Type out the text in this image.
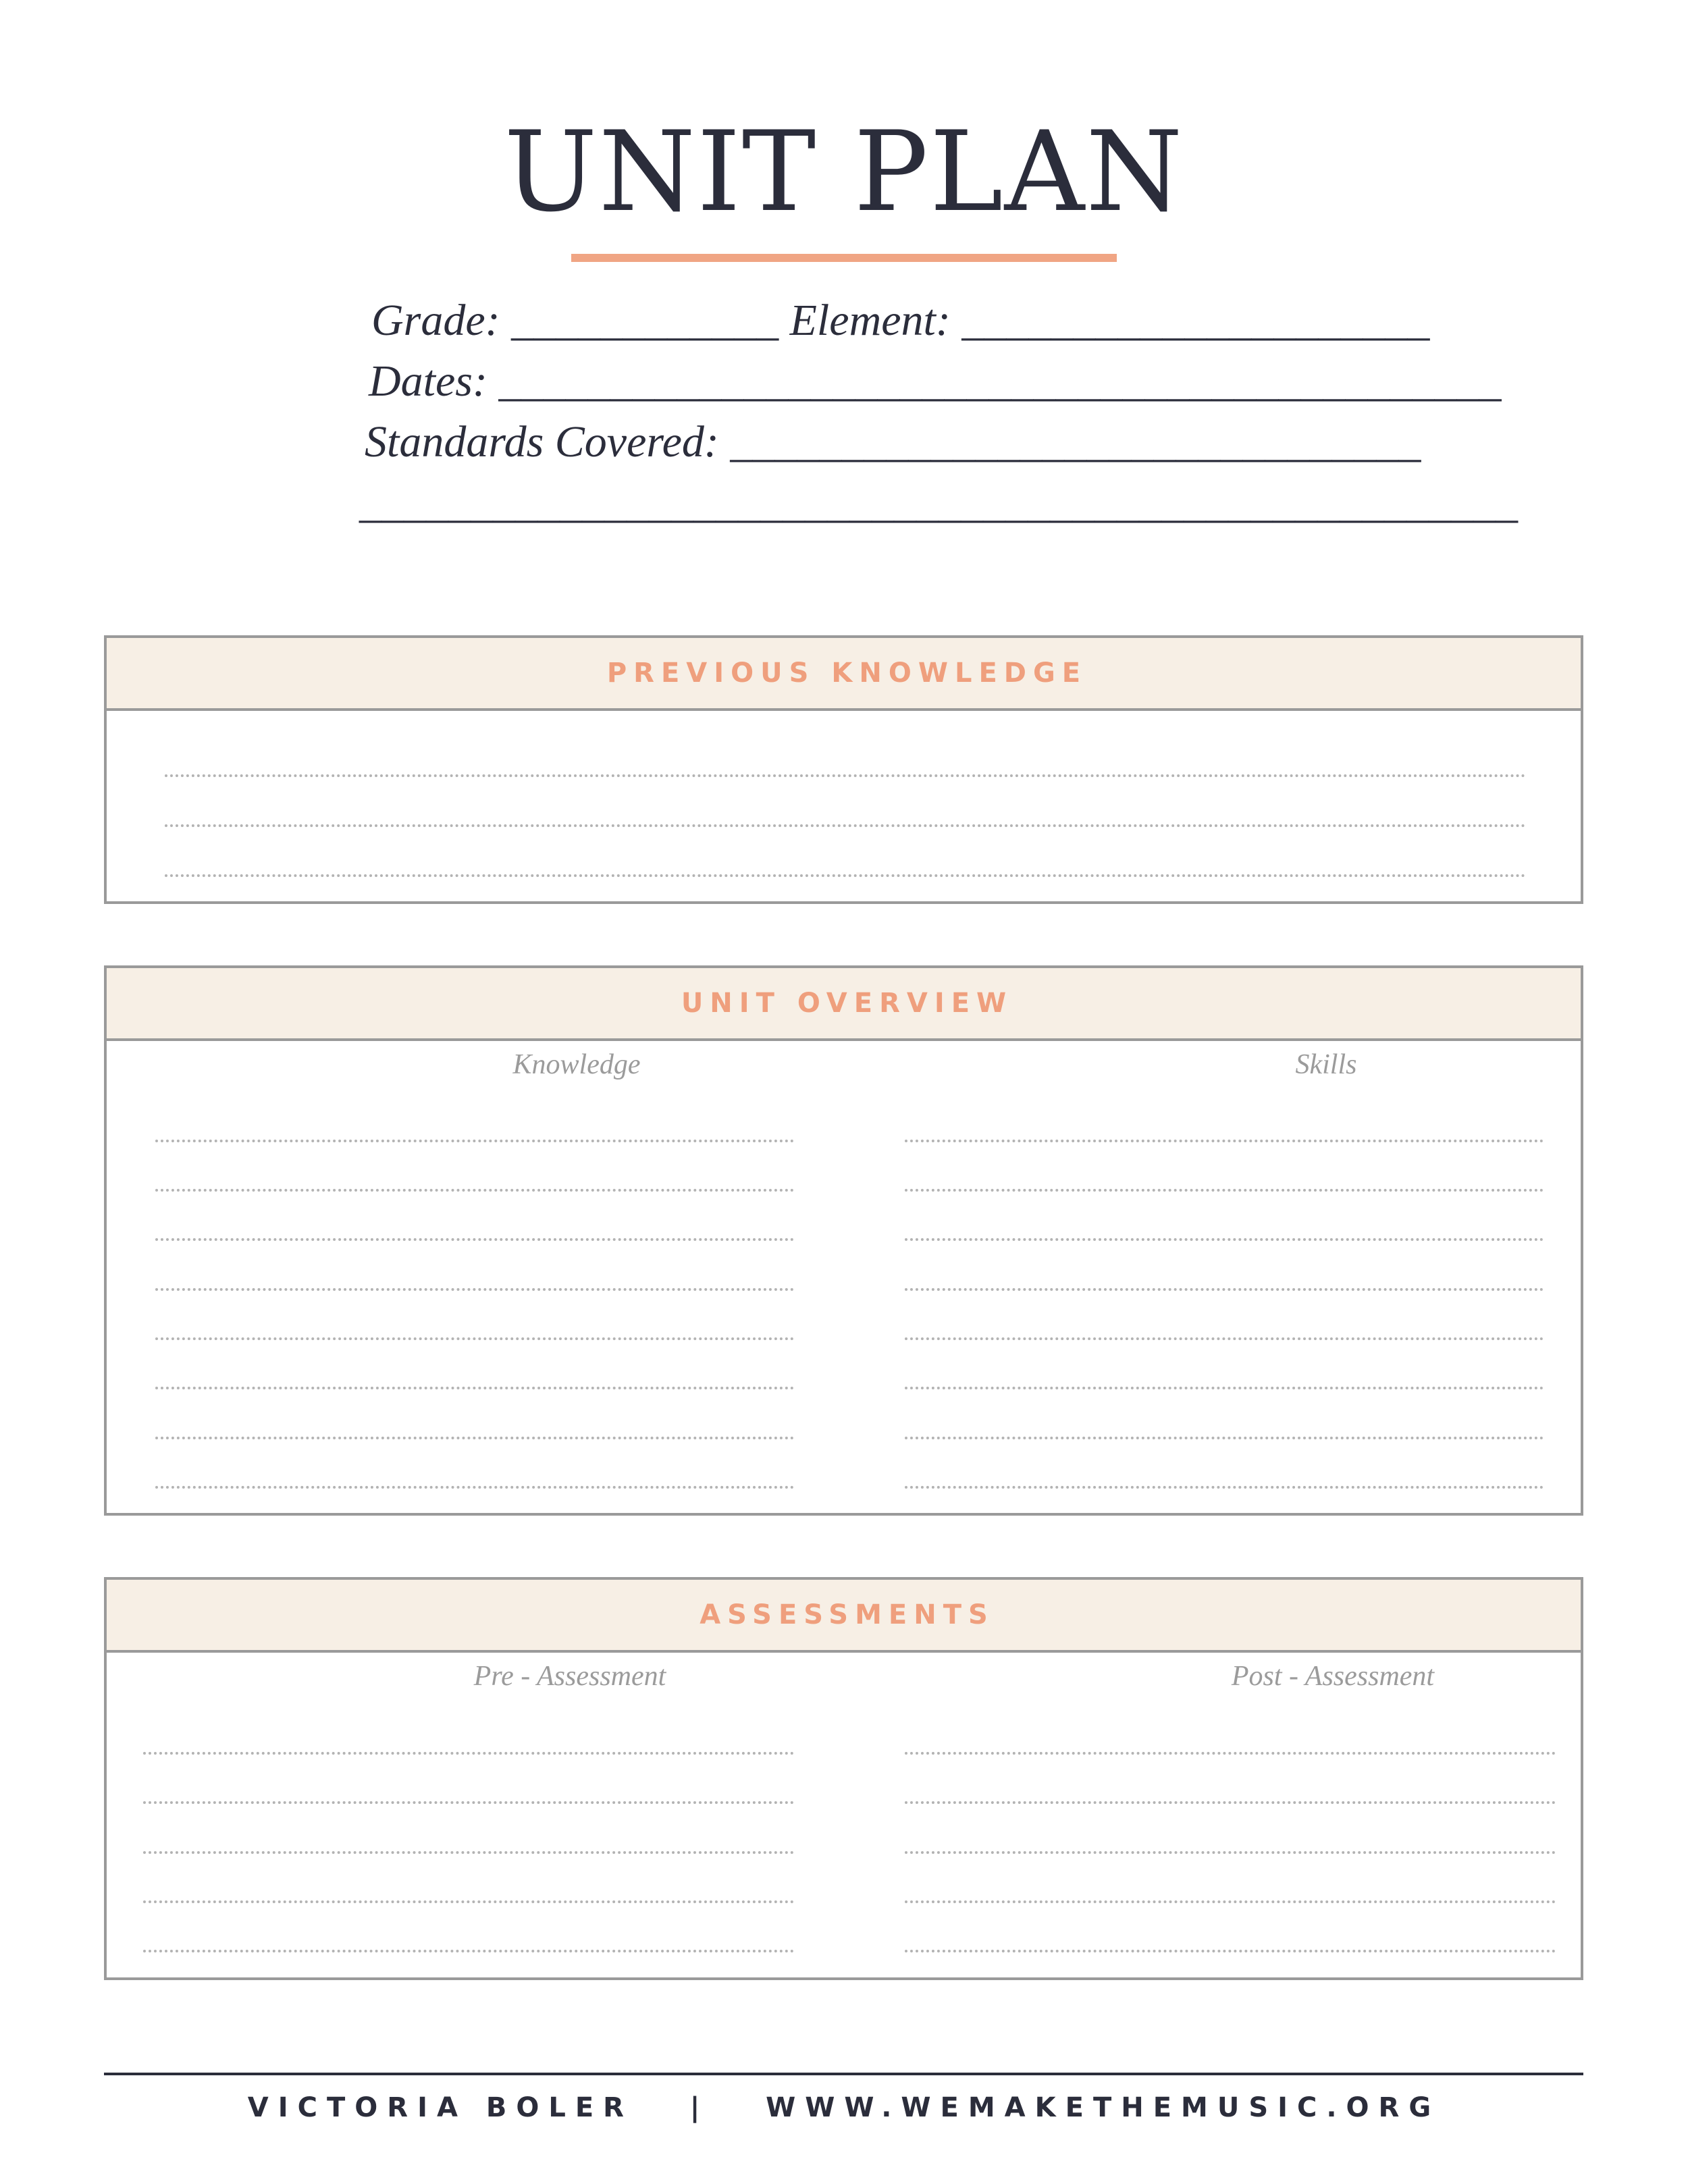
UNIT PLAN
Grade: ____________ Element: _____________________
Dates: _____________________________________________
Standards Covered: _______________________________
____________________________________________________
PREVIOUS KNOWLEDGE
UNIT OVERVIEW
Knowledge	Skills
ASSESSMENTS
Pre - Assessment	Post - Assessment
VICTORIA BOLER   |   WWW.WEMAKETHEMUSIC.ORG
